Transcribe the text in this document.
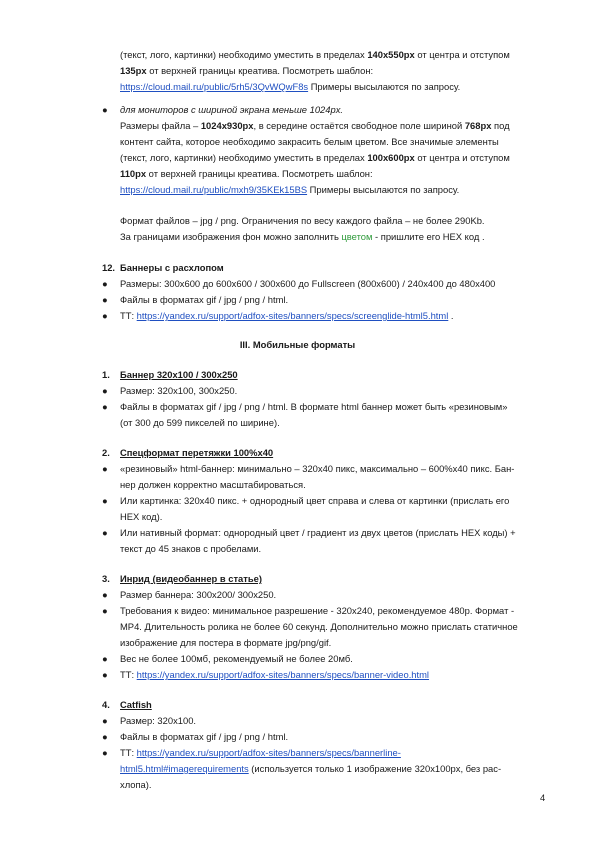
(текст, лого, картинки) необходимо уместить в пределах 140x550px от центра и отступом

135px от верхней границы креатива. Посмотреть шаблон:

https://cloud.mail.ru/public/5rh5/3QvWQwF8s Примеры высылаются по запросу.

●	для мониторов с шириной экрана меньше 1024px.

Размеры файла – 1024x930px, в середине остаётся свободное поле шириной 768px под

контент сайта, которое необходимо закрасить белым цветом. Все значимые элементы

(текст, лого, картинки) необходимо уместить в пределах 100x600px от центра и отступом

110px от верхней границы креатива. Посмотреть шаблон:

https://cloud.mail.ru/public/mxh9/35KEk15BS Примеры высылаются по запросу.

Формат файлов – jpg / png. Ограничения по весу каждого файла – не более 290Kb.

За границами изображения фон можно заполнить цветом - пришлите его HEX код .

12. Баннеры с расхлопом
●	Размеры: 300x600 до 600x600 / 300x600 до Fullscreen (800x600) / 240x400 до 480x400

●	Файлы в форматах gif / jpg / png / html.

●	ТТ: https://yandex.ru/support/adfox-sites/banners/specs/screenglide-html5.html .

III. Мобильные форматы
1. Баннер 320x100 / 300x250
●	Размер: 320x100, 300x250.

●	Файлы в форматах gif / jpg / png / html. В формате html баннер может быть «резиновым»

(от 300 до 599 пикселей по ширине).

2. Спецформат перетяжки 100%x40
●	«резиновый» html-баннер: минимально – 320x40 пикс, максимально – 600%x40 пикс. Бан-

нер должен корректно масштабироваться.

●	Или картинка: 320x40 пикс. + однородный цвет справа и слева от картинки (прислать его

HEX код).

●	Или нативный формат: однородный цвет / градиент из двух цветов (прислать HEX коды) +

текст до 45 знаков с пробелами.

3. Инрид (видеобаннер в статье)
●	Размер баннера: 300x200/ 300x250.

●	Требования к видео: минимальное разрешение - 320x240, рекомендуемое 480p. Формат -

MP4. Длительность ролика не более 60 секунд. Дополнительно можно прислать статичное

изображение для постера в формате jpg/png/gif.

●	Вес не более 100мб, рекомендуемый не более 20мб.

●	ТТ: https://yandex.ru/support/adfox-sites/banners/specs/banner-video.html

4. Catfish
●	Размер: 320x100.

●	Файлы в форматах gif / jpg / png / html.

●	ТТ: https://yandex.ru/support/adfox-sites/banners/specs/bannerline-

html5.html#imagerequirements (используется только 1 изображение 320x100px, без рас-

хлопа).

4
